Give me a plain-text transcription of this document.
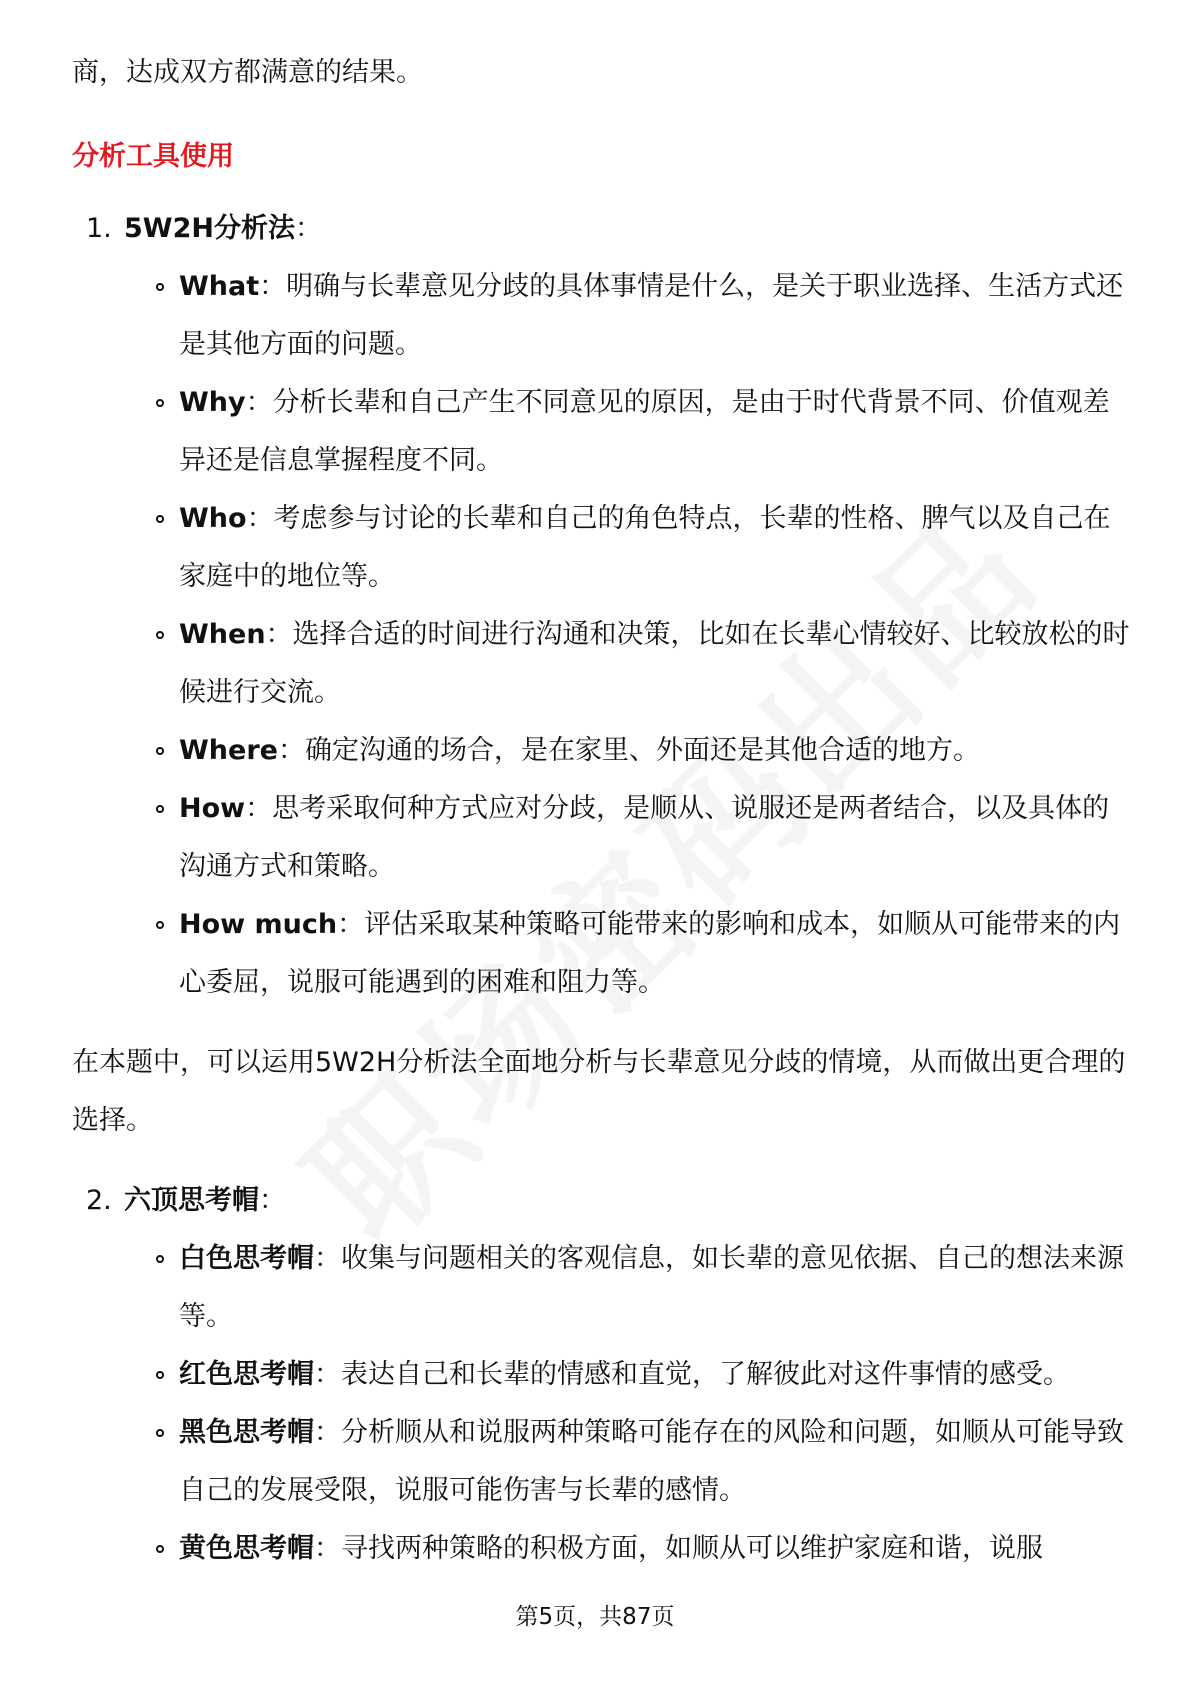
商，达成双方都满意的结果。

分析工具使用
1. 5W2H分析法：
What：明确与长辈意见分歧的具体事情是什么，是关于职业选择、生活方式还是其他方面的问题。
Why：分析长辈和自己产生不同意见的原因，是由于时代背景不同、价值观差异还是信息掌握程度不同。
Who：考虑参与讨论的长辈和自己的角色特点，长辈的性格、脾气以及自己在家庭中的地位等。
When：选择合适的时间进行沟通和决策，比如在长辈心情较好、比较放松的时候进行交流。
Where：确定沟通的场合，是在家里、外面还是其他合适的地方。
How：思考采取何种方式应对分歧，是顺从、说服还是两者结合，以及具体的沟通方式和策略。
How much：评估采取某种策略可能带来的影响和成本，如顺从可能带来的内心委屈，说服可能遇到的困难和阻力等。

在本题中，可以运用5W2H分析法全面地分析与长辈意见分歧的情境，从而做出更合理的选择。

2. 六顶思考帽：
白色思考帽：收集与问题相关的客观信息，如长辈的意见依据、自己的想法来源等。
红色思考帽：表达自己和长辈的情感和直觉，了解彼此对这件事情的感受。
黑色思考帽：分析顺从和说服两种策略可能存在的风险和问题，如顺从可能导致自己的发展受限，说服可能伤害与长辈的感情。
黄色思考帽：寻找两种策略的积极方面，如顺从可以维护家庭和谐，说服
第5页，共87页
